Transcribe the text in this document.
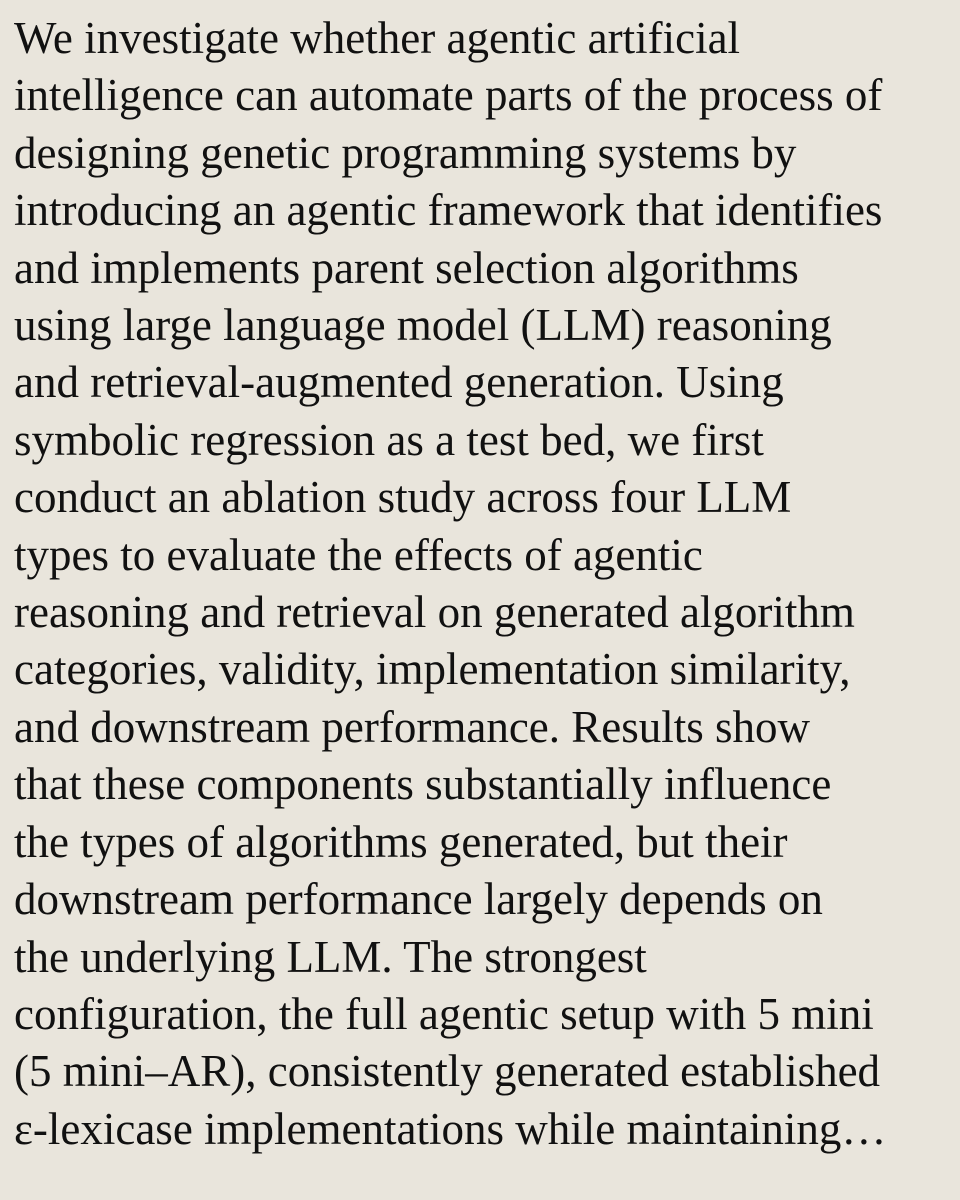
We investigate whether agentic artificial
intelligence can automate parts of the process of
designing genetic programming systems by
introducing an agentic framework that identifies
and implements parent selection algorithms
using large language model (LLM) reasoning
and retrieval-augmented generation. Using
symbolic regression as a test bed, we first
conduct an ablation study across four LLM
types to evaluate the effects of agentic
reasoning and retrieval on generated algorithm
categories, validity, implementation similarity,
and downstream performance. Results show
that these components substantially influence
the types of algorithms generated, but their
downstream performance largely depends on
the underlying LLM. The strongest
configuration, the full agentic setup with 5 mini
(5 mini–AR), consistently generated established
ε-lexicase implementations while maintaining…
